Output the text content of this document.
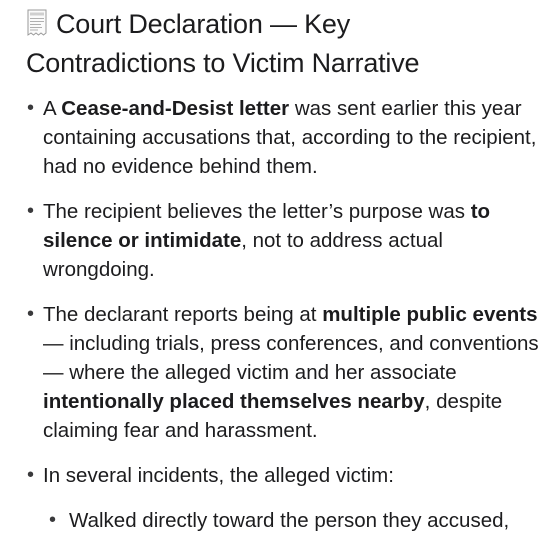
Court Declaration — Key
Contradictions to Victim Narrative
• A Cease-and-Desist letter was sent earlier this year containing accusations that, according to the recipient, had no evidence behind them.
• The recipient believes the letter’s purpose was to silence or intimidate, not to address actual wrongdoing.
• The declarant reports being at multiple public events — including trials, press conferences, and conventions — where the alleged victim and her associate intentionally placed themselves nearby, despite claiming fear and harassment.
• In several incidents, the alleged victim:
• Walked directly toward the person they accused,
